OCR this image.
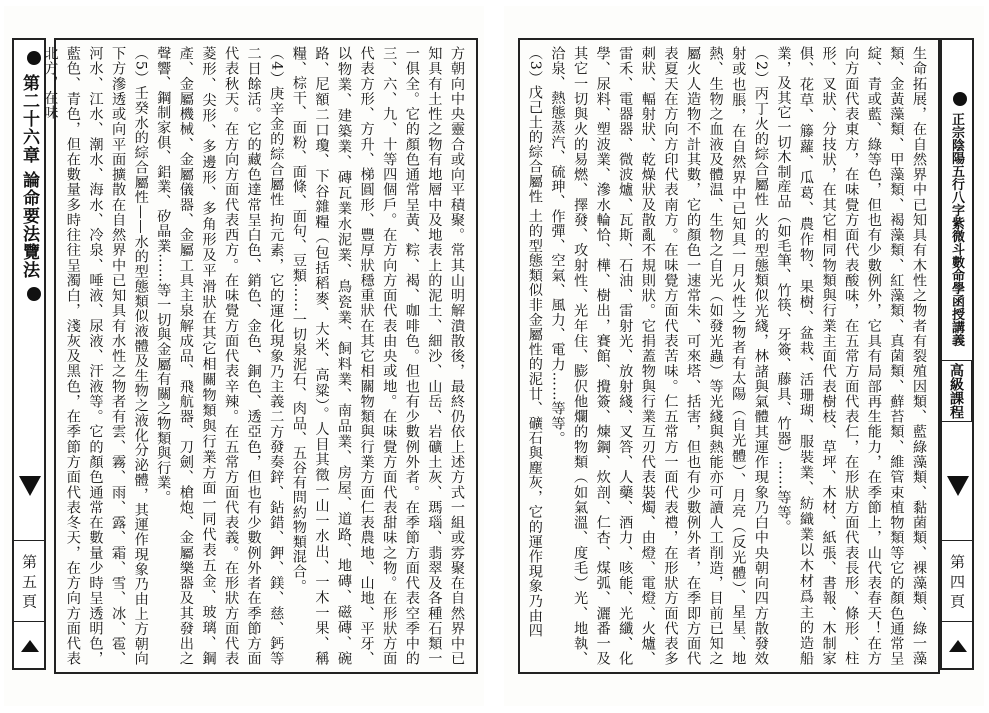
第二十六章 論命要法覽法
第 五 頁	方朝向中央靈合或向平積聚。常其山明解潰散後，最終仍依上述方式一組或雰聚在自然界中已知具有土性之物有地層中及地表上的泥土、細沙、山岳、岩礦土灰、瑪瑙、翡翠及各種石類一一俱全。它的顏色通常呈黃、粽、褐、咖啡色。但也有少數例外者。在季節方面代表空季中的三、六、九、十等四個戶。在方向方面代表由央或地。在味覺方面代表甜味之物。在形狀方面代表方形、方升、梯圓形、豐厚狀穩重狀在其它相關物類與行業方面仁表農地、山地、平牙、以物業、建築業、磚瓦業水泥業、鳥瓷業、飼料業、南品業、房屋、道路、地磚、磁磚、碗路、尼額二口瓊、下谷雜糧（包括稻麥、大米、高粱）。人目其徵一山一水出、一木一果、稱糧、棕干、面粉、面條、面句、豆類……一切泉泥石、肉品、五谷有問約物類混合。
（4）庚辛金的綜合屬性 拘元素，它的運化現象乃主義二方發奏鋅、鉆錯、鉀、鎂、慈、鈣等二日餘活。它的藏色達常呈白色、銷色、金色、銅色、透亞色，但也有少數例外者在季節方面代表秋天。在方向方面代表西方。在味覺方面代表辛辣。在五常方面代表義。在形狀方面代表菱形、尖形、多邊形、多角形及平滑狀在其它相關物類與行業方面一同代表五金、玻璃、鋼產、金屬機械、金屬儀器、金屬工具主泉解成品、飛航器、刀劍、槍炮、金屬樂器及其發出之聲響、鋼制家俱、鋁業、矽晶業……等一切與金屬有關之物類與行業。
（5）壬癸水的綜合屬性——水的型態類似液體及生物之液化分泌體，其運作現象乃由上方朝向下方滲透或向平面擴散在自然界中已知具有水性之物者有雲、霧、雨、露、霜、雪、冰、雹、河水、江水、潮水、海水、冷泉、唾液、尿液、汗液等。它的顏色通常在數量少時呈透明色，藍色、青色，但在數量多時往往呈濁白，淺灰及黑色，在季節方面代表冬天，在方向方面代表北方，在味	生命拓展，在自然界中已知具有木性之物者有裂殖因類、藍綠藻類、黏菌類、裸藻類、綠一藻類、金黃藻類、甲藻類、褐藻類、紅藻類、真菌類、蘚苔類、維管束植物類等它的顏色通常呈綻、青或藍、綠等色，但也有少數例外，它具有局部再生能力，在季節上，山代表春天！在方向方面代表東方，在味覺方面代表酸味，在五常方面代表仁，在形狀方面代表長形、條形、柱形、叉狀、分技狀，在其它相同物類與行業主面代表樹枝、草坪、木材、紙張、書報、木制家俱、花草、籐蘿、瓜葛、農作物、果樹、盆栽、活珊瑚、服裝業、紡織業以木材爲主的造船業，及其它一切木制産品（如毛筆、竹筷、牙簽、藤具、竹器）……等等。
（2）丙丁火的綜合屬性 火的型態類似光綫，林諸與氣體其運作現象乃白中央朝向四方散發效射或也脹，在自然界中已知具一月火性之物者有太陽（自光體）、月亮（反光體）、星星、地熱、生物之血液及體温、生物之自光（如發光蟲）等光綫與熱能亦可讀人工削造，目前已知之屬火人造物不計其數，它的顏色一速常朱、可來塔、括害，但也有少數例外者，在季即方面代表夏天在方向方印代表南方。在味覺方面代表苦味。仁五常方一面代表禮，在形狀方面代表多刺狀、輻射狀、乾燥狀及散亂不規則狀。它捐蓋物與行業互刃代表裝燭、由燈、電燈、火爐、雷禾、電器器、微波爐、瓦斯、石油、雷射光、放射綫、叉答、人藥、酒力、咳能、光纖、化學、尿料、塑波業、滲水輪恰、樺、樹出，賽館、攪簽、煉鋼、炊剖、仁杏、煤弧、灑番一及其它一切與火的易燃、擇發、攻射性、光年住、膨伬他爛的物類（如氣溫、度毛）光、地執、洽泉、熱態蒸汽、硫珅、作彈、空氣、風力、電力……等等。
（3）戊己土的綜合屬性 土的型態類似非金屬性的泥廿、礦石與塵灰，它的運作現象乃由四	正宗陰陽五行八字紫微斗數命學函授講義 高級課程
第 四 頁
